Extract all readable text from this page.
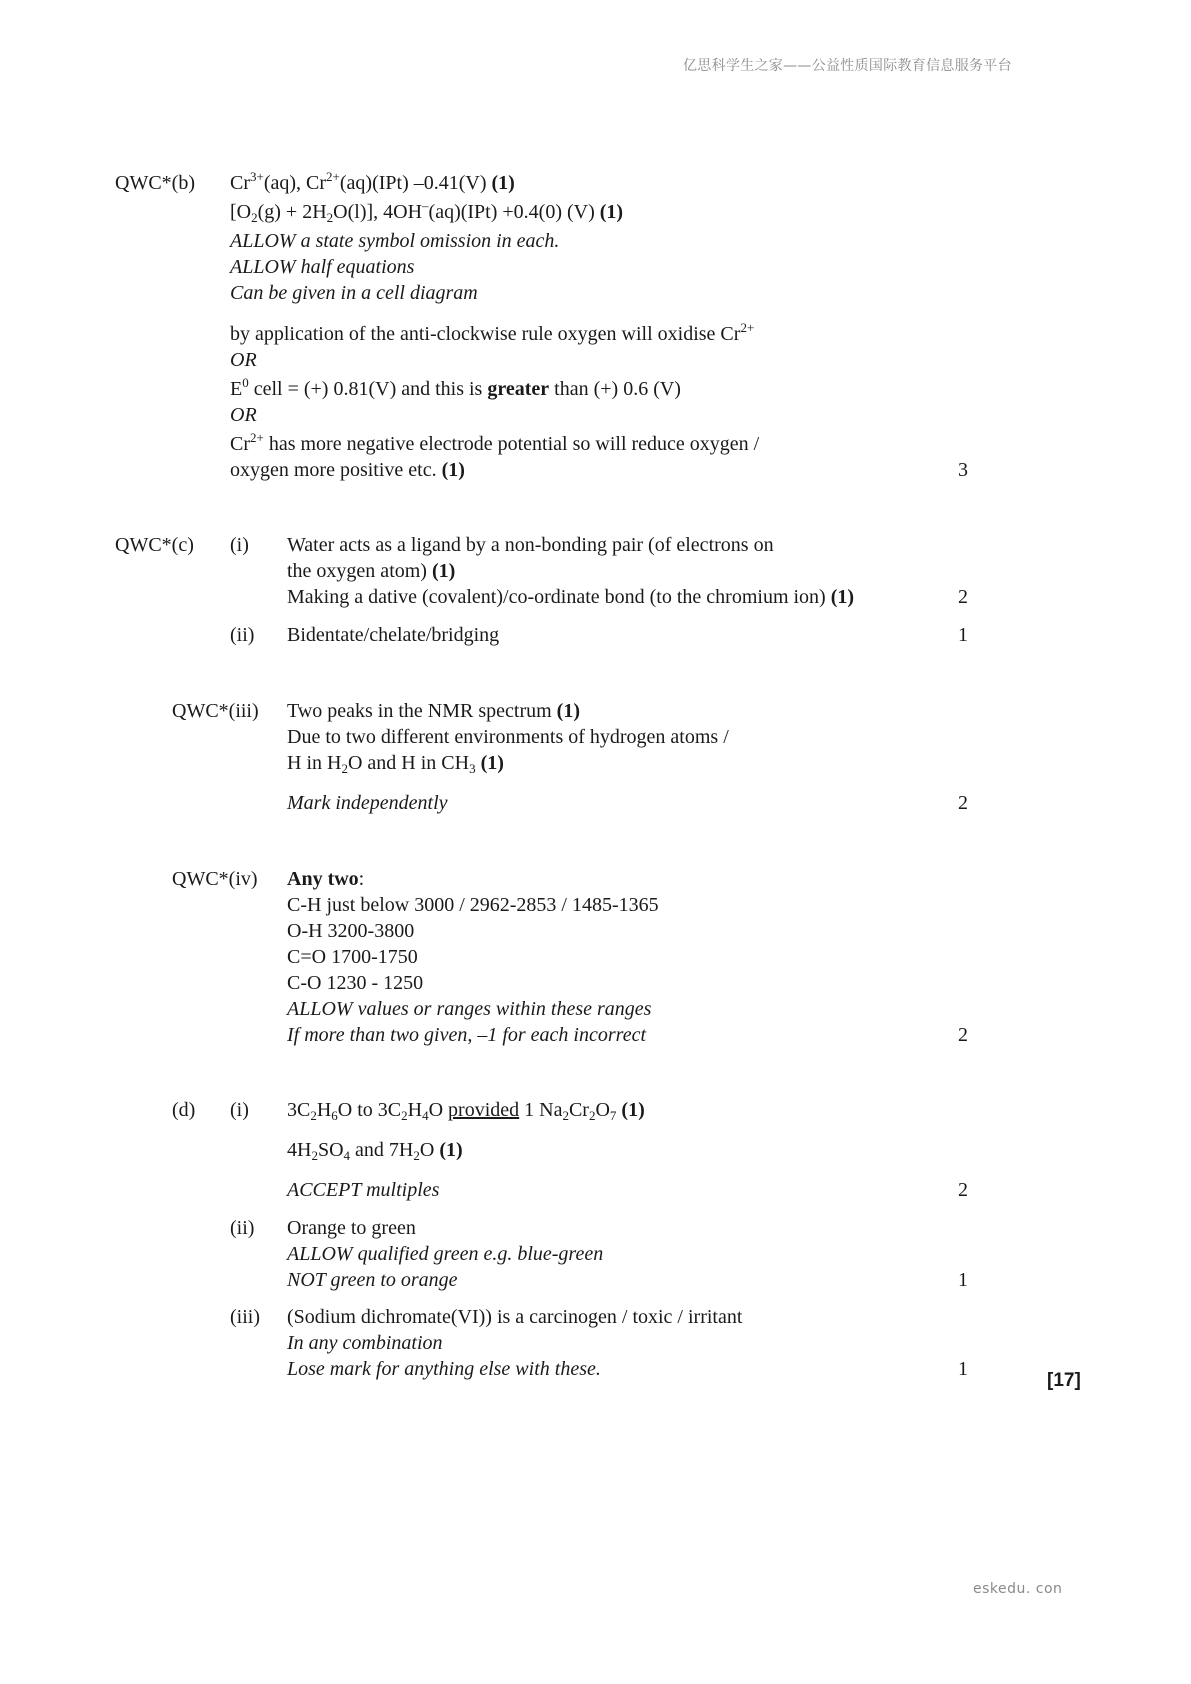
亿思科学生之家——公益性质国际教育信息服务平台
QWC*(b) $Cr^{3+}(aq)$, $Cr^{2+}(aq)(IPt)$ –0.41(V) (1)
$[O_2(g) + 2H_2O(l)]$, 4OH–(aq)(IPt) +0.4(0) (V) (1)
ALLOW a state symbol omission in each.
ALLOW half equations
Can be given in a cell diagram
by application of the anti-clockwise rule oxygen will oxidise $Cr^{2+}$
OR
$E^0$ cell = (+) 0.81(V) and this is greater than (+) 0.6 (V)
OR
$Cr^{2+}$ has more negative electrode potential so will reduce oxygen /
oxygen more positive etc. (1)	3
QWC*(c) (i) Water acts as a ligand by a non-bonding pair (of electrons on
the oxygen atom) (1)
Making a dative (covalent)/co-ordinate bond (to the chromium ion) (1)	2
(ii) Bidentate/chelate/bridging	1
QWC*(iii) Two peaks in the NMR spectrum (1)
Due to two different environments of hydrogen atoms /
H in $H_2O$ and H in $CH_3$ (1)
Mark independently	2
QWC*(iv) Any two:
C-H just below 3000 / 2962-2853 / 1485-1365
O-H 3200-3800
C=O 1700-1750
C-O 1230 - 1250
ALLOW values or ranges within these ranges
If more than two given, –1 for each incorrect	2
(d) (i) $3C_2H_6O$ to $3C_2H_4O$ provided 1 $Na_2Cr_2O_7$ (1)
$4H_2SO_4$ and $7H_2O$ (1)
ACCEPT multiples	2
(ii) Orange to green
ALLOW qualified green e.g. blue-green
NOT green to orange	1
(iii) (Sodium dichromate(VI)) is a carcinogen / toxic / irritant
In any combination
Lose mark for anything else with these.	1
[17]
eskedu. con
